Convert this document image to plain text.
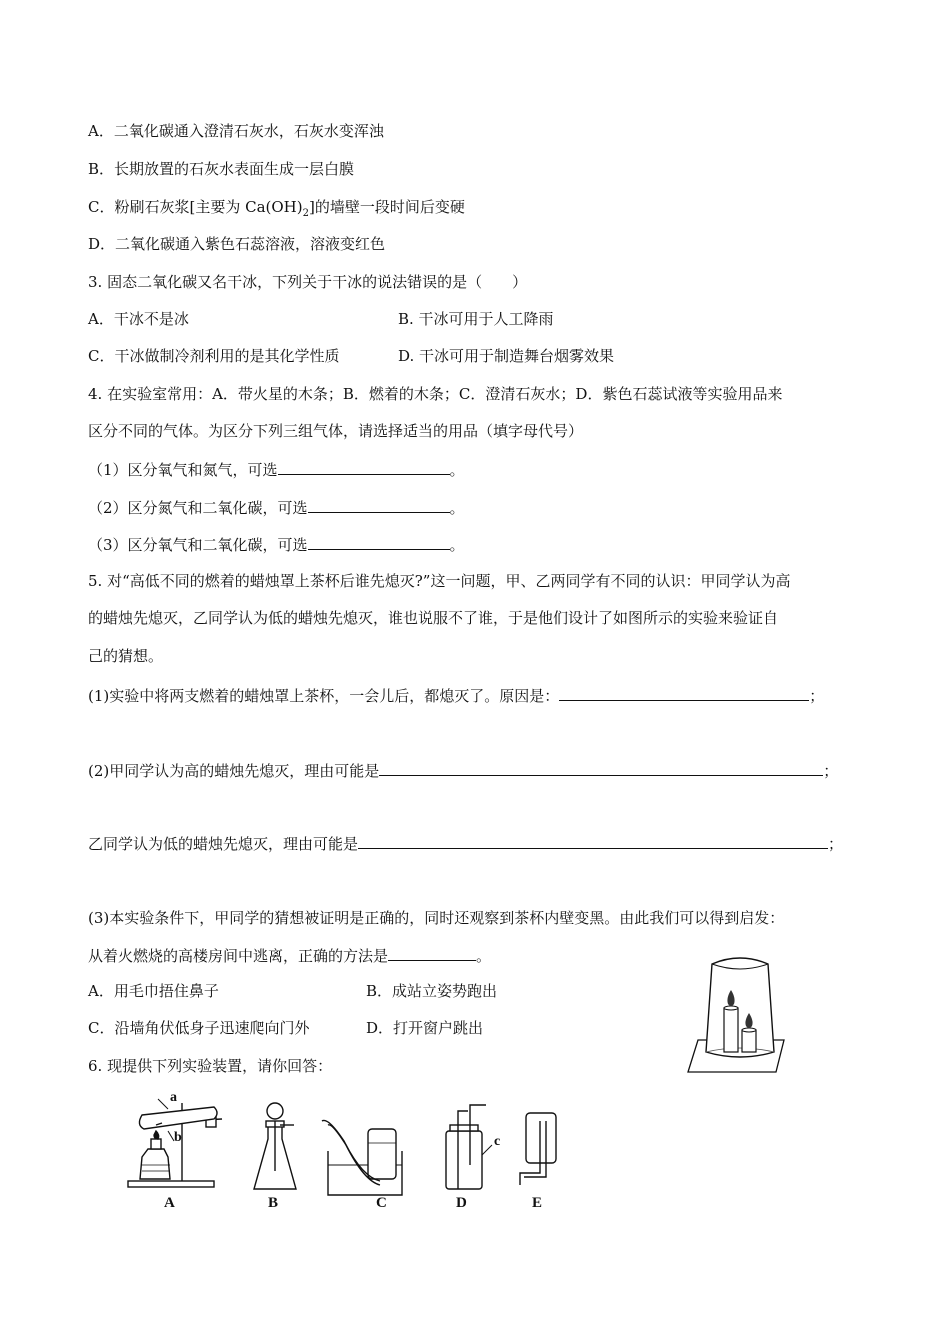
A．二氧化碳通入澄清石灰水，石灰水变浑浊
B．长期放置的石灰水表面生成一层白膜
C．粉刷石灰浆[主要为 $Ca(OH)_2$]的墙壁一段时间后变硬
D．二氧化碳通入紫色石蕊溶液，溶液变红色
3. 固态二氧化碳又名干冰，下列关于干冰的说法错误的是（　　）
A．干冰不是冰	B. 干冰可用于人工降雨
C．干冰做制冷剂利用的是其化学性质	D. 干冰可用于制造舞台烟雾效果
4. 在实验室常用：A．带火星的木条；B．燃着的木条；C．澄清石灰水；D．紫色石蕊试液等实验用品来
区分不同的气体。为区分下列三组气体，请选择适当的用品（填字母代号）
（1）区分氧气和氮气，可选	。
（2）区分氮气和二氧化碳，可选	。
（3）区分氧气和二氧化碳，可选	。
5. 对“高低不同的燃着的蜡烛罩上茶杯后谁先熄灭?”这一问题，甲、乙两同学有不同的认识：甲同学认为高
的蜡烛先熄灭，乙同学认为低的蜡烛先熄灭，谁也说服不了谁，于是他们设计了如图所示的实验来验证自
己的猜想。
(1)实验中将两支燃着的蜡烛罩上茶杯，一会儿后，都熄灭了。原因是：	；
(2)甲同学认为高的蜡烛先熄灭，理由可能是	；
乙同学认为低的蜡烛先熄灭，理由可能是	；
(3)本实验条件下，甲同学的猜想被证明是正确的，同时还观察到茶杯内壁变黑。由此我们可以得到启发：
从着火燃烧的高楼房间中逃离，正确的方法是	。
A．用毛巾捂住鼻子	B．成站立姿势跑出
C．沿墙角伏低身子迅速爬向门外	D．打开窗户跳出
6. 现提供下列实验装置，请你回答：
a
b	c
A	B	C	D	E
